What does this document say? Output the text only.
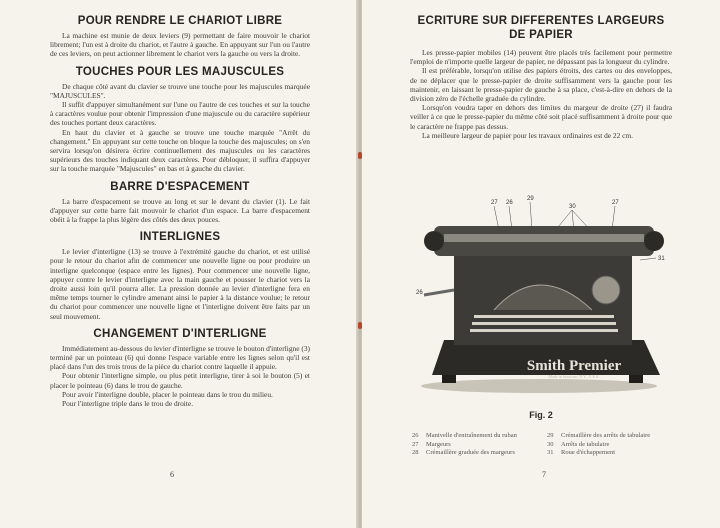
POUR RENDRE LE CHARIOT LIBRE

La machine est munie de deux leviers (9) permettant de faire mouvoir le chariot librement; l'un est à droite du chariot, et l'autre à gauche. En appuyant sur l'un ou l'autre de ces leviers, on peut actionner librement le chariot vers la gauche ou vers la droite.

TOUCHES POUR LES MAJUSCULES

De chaque côté avant du clavier se trouve une touche pour les majuscules marquée "MAJUSCULES".

Il suffit d'appuyer simultanément sur l'une ou l'autre de ces touches et sur la touche à caractères voulue pour obtenir l'impression d'une majuscule ou du caractère supérieur des touches portant deux caractères.

En haut du clavier et à gauche se trouve une touche marquée "Arrêt du changement." En appuyant sur cette touche on bloque la touche des majuscules; on s'en servira lorsqu'on désirera écrire continuellement des majuscules ou les caractères supérieurs des touches indiquant deux caractères. Pour débloquer, il suffira d'appuyer sur la touche marquée "Majuscules" en bas et à gauche du clavier.

BARRE D'ESPACEMENT

La barre d'espacement se trouve au long et sur le devant du clavier (1). Le fait d'appuyer sur cette barre fait mouvoir le chariot d'un espace. La barre d'espacement obéit à la frappe la plus légère des côtés des deux pouces.

INTERLIGNES

Le levier d'interligne (13) se trouve à l'extrémité gauche du chariot, et est utilisé pour le retour du chariot afin de commencer une nouvelle ligne ou pour produire un interligne quelconque (espace entre les lignes). Pour commencer une nouvelle ligne, appuyer contre le levier d'interligne avec la main gauche et pousser le chariot vers la droite aussi loin qu'il pourra aller. La pression donnée au levier d'interligne fera en même temps tourner le cylindre amenant ainsi le papier à la distance voulue; le retour du chariot pour commencer une nouvelle ligne et l'interligne doivent être faits par un seul mouvement.

CHANGEMENT D'INTERLIGNE

Immédiatement au-dessous du levier d'interligne se trouve le bouton d'interligne (3) terminé par un pointeau (6) qui donne l'espace variable entre les lignes selon qu'il est placé dans l'un des trois trous de la pièce du chariot contre laquelle il appuie.

Pour obtenir l'interligne simple, ou plus petit interligne, tirer à soi le bouton (5) et placer le pointeau (6) dans le trou de gauche.

Pour avoir l'interligne double, placer le pointeau dans le trou du milieu.

Pour l'interligne triple dans le trou de droite.

6
ECRITURE SUR DIFFERENTES LARGEURS
DE PAPIER

Les presse-papier mobiles (14) peuvent être placés très facilement pour permettre l'emploi de n'importe quelle largeur de papier, ne dépassant pas la longueur du cylindre.

Il est préférable, lorsqu'on utilise des papiers étroits, des cartes ou des enveloppes, de ne déplacer que le presse-papier de droite suffisamment vers la gauche pour les maintenir, en laissant le presse-papier de gauche à sa place, c'est-à-dire en dehors de la division zéro de l'échelle graduée du cylindre.

Lorsqu'on voudra taper en dehors des limites du margeur de droite (27) il faudra veiller à ce que le presse-papier du même côté soit placé suffisamment à droite pour que le caractère ne frappe pas dessus.

La meilleure largeur de papier pour les travaux ordinaires est de 22 cm.

Smith Premier
Made in Syracuse, N.Y., U.S.A.
27 26
29
30
27
31
26
Fig. 2
26	Manivelle d'entraînement du ruban	29	Crémaillère des arrêts de tabulaire
27	Margeurs	30	Arrêts de tabulaire
28	Crémaillère graduée des margeurs	31	Roue d'échappement
7
